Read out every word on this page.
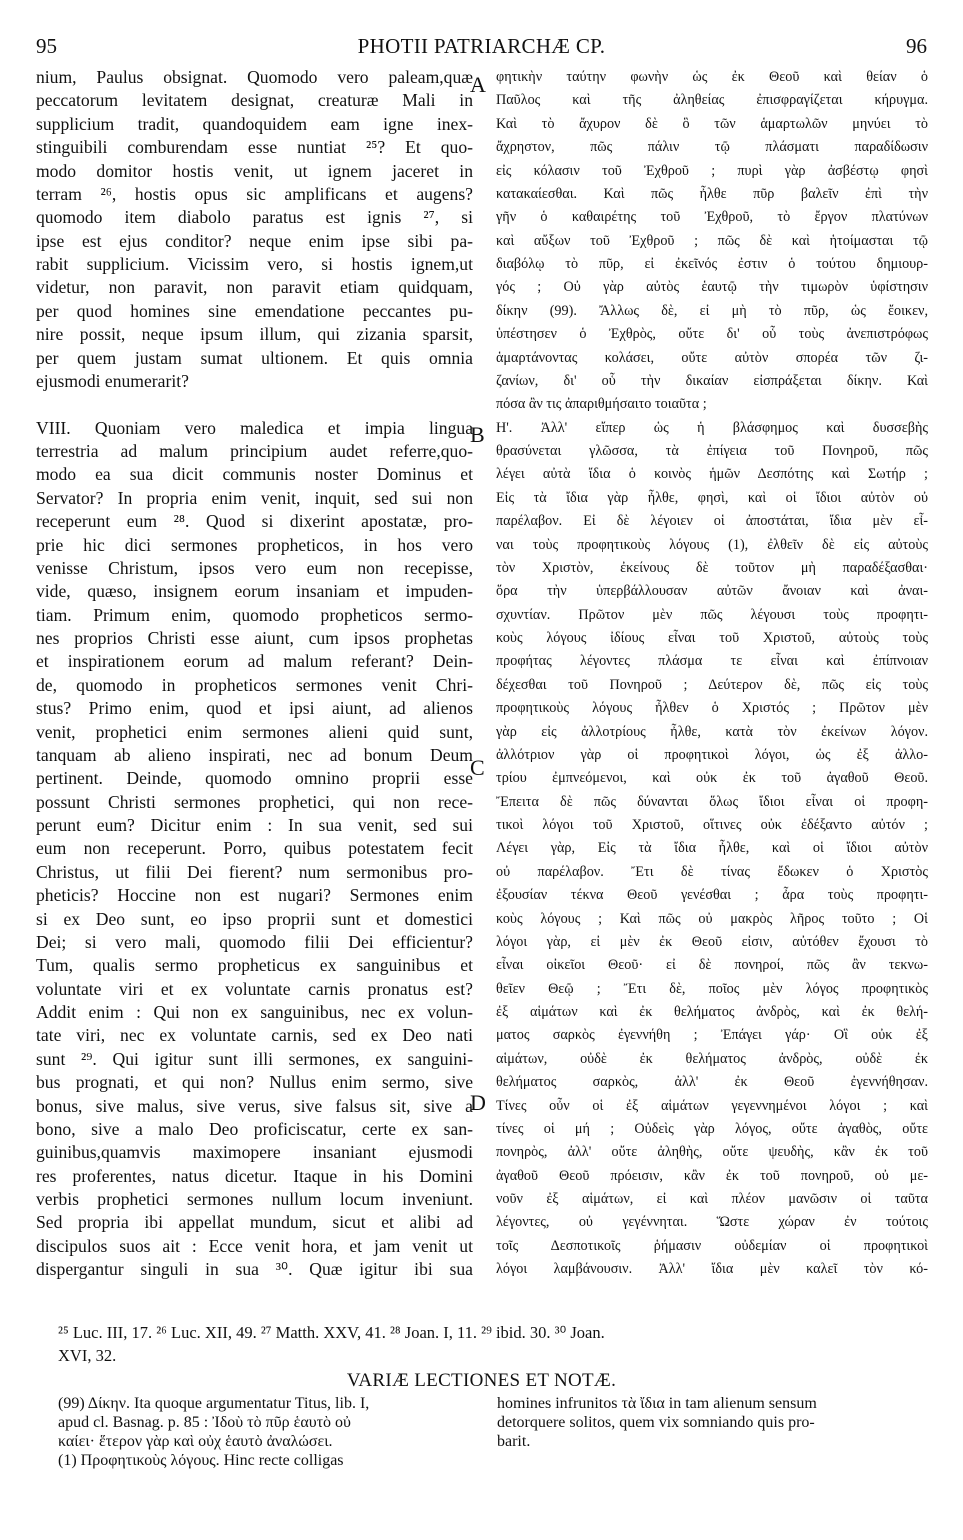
95	PHOTII PATRIARCHÆ CP.	96
nium, Paulus obsignat. Quomodo vero paleam,quæ
peccatorum levitatem designat, creaturæ Mali in
supplicium tradit, quandoquidem eam igne inex-
stinguibili comburendam esse nuntiat ²⁵? Et quo-
modo domitor hostis venit, ut ignem jaceret in
terram ²⁶, hostis opus sic amplificans et augens?
quomodo item diabolo paratus est ignis ²⁷, si
ipse est ejus conditor? neque enim ipse sibi pa-
rabit supplicium. Vicissim vero, si hostis ignem,ut
videtur, non paravit, non paravit etiam quidquam,
per quod homines sine emendatione peccantes pu-
nire possit, neque ipsum illum, qui zizania sparsit,
per quem justam sumat ultionem. Et quis omnia
ejusmodi enumerarit?
VIII. Quoniam vero maledica et impia lingua
terrestria ad malum principium audet referre,quo-
modo ea sua dicit communis noster Dominus et
Servator? In propria enim venit, inquit, sed sui non
receperunt eum ²⁸. Quod si dixerint apostatæ, pro-
prie hic dici sermones propheticos, in hos vero
venisse Christum, ipsos vero eum non recepisse,
vide, quæso, insignem eorum insaniam et impuden-
tiam. Primum enim, quomodo propheticos sermo-
nes proprios Christi esse aiunt, cum ipsos prophetas
et inspirationem eorum ad malum referant? Dein-
de, quomodo in propheticos sermones venit Chri-
stus? Primo enim, quod et ipsi aiunt, ad alienos
venit, prophetici enim sermones alieni quid sunt,
tanquam ab alieno inspirati, nec ad bonum Deum
pertinent. Deinde, quomodo omnino proprii esse
possunt Christi sermones prophetici, qui non rece-
perunt eum? Dicitur enim : In sua venit, sed sui
eum non receperunt. Porro, quibus potestatem fecit
Christus, ut filii Dei fierent? num sermonibus pro-
pheticis? Hoccine non est nugari? Sermones enim
si ex Deo sunt, eo ipso proprii sunt et domestici
Dei; si vero mali, quomodo filii Dei efficientur?
Tum, qualis sermo propheticus ex sanguinibus et
voluntate viri et ex voluntate carnis pronatus est?
Addit enim : Qui non ex sanguinibus, nec ex volun-
tate viri, nec ex voluntate carnis, sed ex Deo nati
sunt ²⁹. Qui igitur sunt illi sermones, ex sanguini-
bus prognati, et qui non? Nullus enim sermo, sive
bonus, sive malus, sive verus, sive falsus sit, sive a
bono, sive a malo Deo proficiscatur, certe ex san-
guinibus,quamvis maximopere insaniant ejusmodi
res proferentes, natus dicetur. Itaque in his Domini
verbis prophetici sermones nullum locum inveniunt.
Sed propria ibi appellat mundum, sicut et alibi ad
discipulos suos ait : Ecce venit hora, et jam venit ut
dispergantur singuli in sua ³⁰. Quæ igitur ibi sua
φητικὴν ταύτην φωνὴν ὡς ἐκ Θεοῦ καὶ θείαν ὁ
Παῦλος καὶ τῆς ἀληθείας ἐπισφραγίζεται κήρυγμα.
Καὶ τὸ ἄχυρον δὲ ὃ τῶν ἁμαρτωλῶν μηνύει τὸ
ἄχρηστον, πῶς πάλιν τῷ πλάσματι παραδίδωσιν
εἰς κόλασιν τοῦ Ἐχθροῦ ; πυρὶ γὰρ ἀσβέστῳ φησὶ
κατακαίεσθαι. Καὶ πῶς ἦλθε πῦρ βαλεῖν ἐπὶ τὴν
γῆν ὁ καθαιρέτης τοῦ Ἐχθροῦ, τὸ ἔργον πλατύνων
καὶ αὔξων τοῦ Ἐχθροῦ ; πῶς δὲ καὶ ἡτοίμασται τῷ
διαβόλῳ τὸ πῦρ, εἰ ἐκεῖνός ἐστιν ὁ τούτου δημιουρ-
γός ; Οὐ γὰρ αὐτὸς ἑαυτῷ τὴν τιμωρὸν ὑφίστησιν
δίκην (99). Ἄλλως δὲ, εἰ μὴ τὸ πῦρ, ὡς ἔοικεν,
ὑπέστησεν ὁ Ἐχθρὸς, οὔτε δι' οὗ τοὺς ἀνεπιστρόφως
ἁμαρτάνοντας κολάσει, οὔτε αὐτὸν σπορέα τῶν ζι-
ζανίων, δι' οὗ τὴν δικαίαν εἰσπράξεται δίκην. Καὶ
πόσα ἂν τις ἀπαριθμήσαιτο τοιαῦτα ;
Η'. Ἀλλ' εἴπερ ὡς ἡ βλάσφημος καὶ δυσσεβὴς
θρασύνεται γλῶσσα, τὰ ἐπίγεια τοῦ Πονηροῦ, πῶς
λέγει αὐτὰ ἴδια ὁ κοινὸς ἡμῶν Δεσπότης καὶ Σωτήρ ;
Εἰς τὰ ἴδια γὰρ ἦλθε, φησὶ, καὶ οἱ ἴδιοι αὐτὸν οὐ
παρέλαβον. Εἰ δὲ λέγοιεν οἱ ἀποστάται, ἴδια μὲν εἶ-
ναι τοὺς προφητικοὺς λόγους (1), ἐλθεῖν δὲ εἰς αὐτοὺς
τὸν Χριστὸν, ἐκείνους δὲ τοῦτον μὴ παραδέξασθαι·
ὅρα τὴν ὑπερβάλλουσαν αὐτῶν ἄνοιαν καὶ ἀναι-
σχυντίαν. Πρῶτον μὲν πῶς λέγουσι τοὺς προφητι-
κοὺς λόγους ἰδίους εἶναι τοῦ Χριστοῦ, αὐτοὺς τοὺς
προφήτας λέγοντες πλάσμα τε εἶναι καὶ ἐπίπνοιαν
δέχεσθαι τοῦ Πονηροῦ ; Δεύτερον δὲ, πῶς εἰς τοὺς
προφητικοὺς λόγους ἦλθεν ὁ Χριστός ; Πρῶτον μὲν
γὰρ εἰς ἀλλοτρίους ἦλθε, κατὰ τὸν ἐκείνων λόγον.
ἀλλότριον γὰρ οἱ προφητικοὶ λόγοι, ὡς ἐξ ἀλλο-
τρίου ἐμπνεόμενοι, καὶ οὐκ ἐκ τοῦ ἀγαθοῦ Θεοῦ.
Ἔπειτα δὲ πῶς δύνανται ὅλως ἴδιοι εἶναι οἱ προφη-
τικοὶ λόγοι τοῦ Χριστοῦ, οἵτινες οὐκ ἐδέξαντο αὐτόν ;
Λέγει γὰρ, Εἰς τὰ ἴδια ἦλθε, καὶ οἱ ἴδιοι αὐτὸν
οὐ παρέλαβον. Ἔτι δὲ τίνας ἔδωκεν ὁ Χριστὸς
ἐξουσίαν τέκνα Θεοῦ γενέσθαι ; ἆρα τοὺς προφητι-
κοὺς λόγους ; Καὶ πῶς οὐ μακρὸς λῆρος τοῦτο ; Οἱ
λόγοι γὰρ, εἰ μὲν ἐκ Θεοῦ εἰσιν, αὐτόθεν ἔχουσι τὸ
εἶναι οἰκεῖοι Θεοῦ· εἰ δὲ πονηροί, πῶς ἂν τεκνω-
θεῖεν Θεῷ ; Ἔτι δὲ, ποῖος μὲν λόγος προφητικὸς
ἐξ αἱμάτων καὶ ἐκ θελήματος ἀνδρὸς, καὶ ἐκ θελή-
ματος σαρκὸς ἐγεννήθη ; Ἐπάγει γάρ· Οἳ οὐκ ἐξ
αἱμάτων, οὐδὲ ἐκ θελήματος ἀνδρὸς, οὐδὲ ἐκ
θελήματος σαρκὸς, ἀλλ' ἐκ Θεοῦ ἐγεννήθησαν.
Τίνες οὖν οἱ ἐξ αἱμάτων γεγεννημένοι λόγοι ; καὶ
τίνες οἱ μή ; Οὐδεὶς γὰρ λόγος, οὔτε ἀγαθὸς, οὔτε
πονηρὸς, ἀλλ' οὔτε ἀληθὴς, οὔτε ψευδὴς, κἂν ἐκ τοῦ
ἀγαθοῦ Θεοῦ πρόεισιν, κἂν ἐκ τοῦ πονηροῦ, οὐ με-
νοῦν ἐξ αἱμάτων, εἰ καὶ πλέον μανῶσιν οἱ ταῦτα
λέγοντες, οὐ γεγέννηται. Ὥστε χώραν ἐν τούτοις
τοῖς Δεσποτικοῖς ῥήμασιν οὐδεμίαν οἱ προφητικοὶ
λόγοι λαμβάνουσιν. Ἀλλ' ἴδια μὲν καλεῖ τὸν κό-
A
B
C
D
²⁵ Luc. III, 17. ²⁶ Luc. XII, 49. ²⁷ Matth. XXV, 41. ²⁸ Joan. I, 11. ²⁹ ibid. 30. ³⁰ Joan.
XVI, 32.
VARIÆ LECTIONES ET NOTÆ.
(99) Δίκην. Ita quoque argumentatur Titus, lib. I,
apud cl. Basnag. p. 85 : Ἰδοὺ τὸ πῦρ ἑαυτὸ οὐ
καίει· ἕτερον γὰρ καὶ οὐχ ἑαυτὸ ἀναλώσει.
(1) Προφητικοὺς λόγους. Hinc recte colligas
homines infrunitos τὰ ἴδια in tam alienum sensum
detorquere solitos, quem vix somniando quis pro-
barit.
